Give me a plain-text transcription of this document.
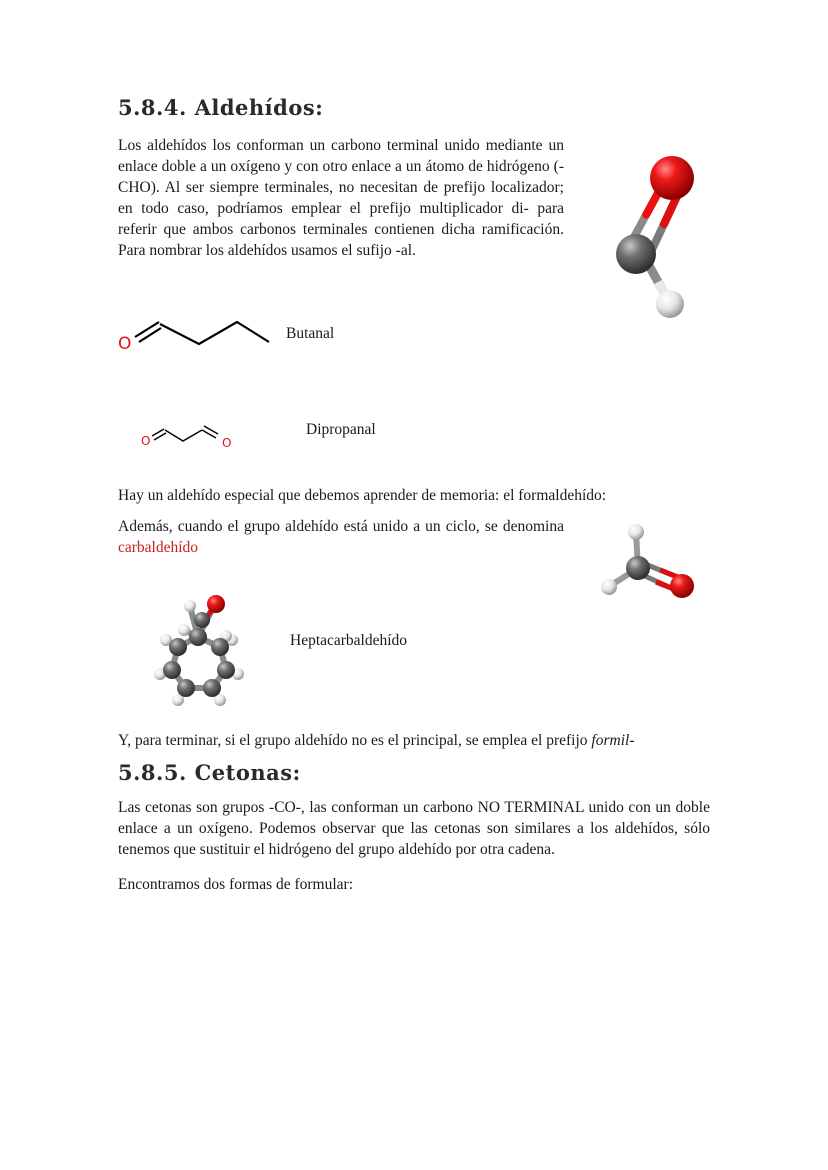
5.8.4. Aldehídos:

Los aldehídos los conforman un carbono terminal unido mediante un enlace doble a un oxígeno y con otro enlace a un átomo de hidrógeno (-CHO). Al ser siempre terminales, no necesitan de prefijo localizador; en todo caso, podríamos emplear el prefijo multiplicador di- para referir que ambos carbonos terminales contienen dicha ramificación. Para nombrar los aldehídos usamos el sufijo -al.

O
Butanal
O	O
Dipropanal

Hay un aldehído especial que debemos aprender de memoria: el formaldehído:

Además, cuando el grupo aldehído está unido a un ciclo, se denomina carbaldehído

Heptacarbaldehído

Y, para terminar, si el grupo aldehído no es el principal, se emplea el prefijo formil-

5.8.5. Cetonas:

Las cetonas son grupos -CO-, las conforman un carbono NO TERMINAL unido con un doble enlace a un oxígeno. Podemos observar que las cetonas son similares a los aldehídos, sólo tenemos que sustituir el hidrógeno del grupo aldehído por otra cadena.

Encontramos dos formas de formular:
